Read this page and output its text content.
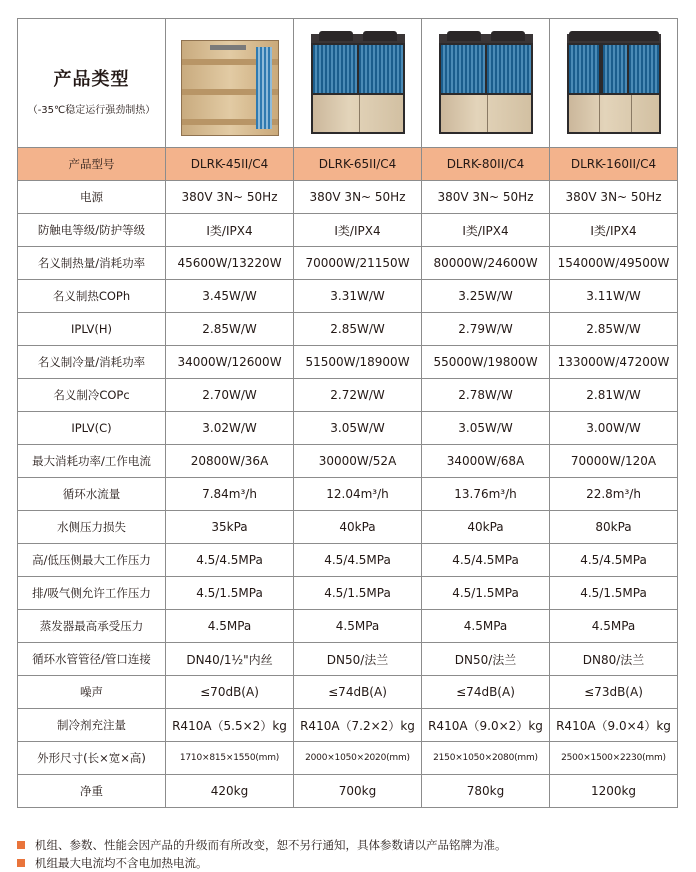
产品类型
（-35℃稳定运行强劲制热）				

产品型号	DLRK-45II/C4	DLRK-65II/C4	DLRK-80II/C4	DLRK-160II/C4
电源	380V 3N~ 50Hz	380V 3N~ 50Hz	380V 3N~ 50Hz	380V 3N~ 50Hz
防触电等级/防护等级	I类/IPX4	I类/IPX4	I类/IPX4	I类/IPX4
名义制热量/消耗功率	45600W/13220W	70000W/21150W	80000W/24600W	154000W/49500W
名义制热COPh	3.45W/W	3.31W/W	3.25W/W	3.11W/W
IPLV(H)	2.85W/W	2.85W/W	2.79W/W	2.85W/W
名义制冷量/消耗功率	34000W/12600W	51500W/18900W	55000W/19800W	133000W/47200W
名义制冷COPc	2.70W/W	2.72W/W	2.78W/W	2.81W/W
IPLV(C)	3.02W/W	3.05W/W	3.05W/W	3.00W/W
最大消耗功率/工作电流	20800W/36A	30000W/52A	34000W/68A	70000W/120A
循环水流量	7.84m³/h	12.04m³/h	13.76m³/h	22.8m³/h
水侧压力损失	35kPa	40kPa	40kPa	80kPa
高/低压侧最大工作压力	4.5/4.5MPa	4.5/4.5MPa	4.5/4.5MPa	4.5/4.5MPa
排/吸气侧允许工作压力	4.5/1.5MPa	4.5/1.5MPa	4.5/1.5MPa	4.5/1.5MPa
蒸发器最高承受压力	4.5MPa	4.5MPa	4.5MPa	4.5MPa
循环水管管径/管口连接	DN40/1½"内丝	DN50/法兰	DN50/法兰	DN80/法兰
噪声	≤70dB(A)	≤74dB(A)	≤74dB(A)	≤73dB(A)
制冷剂充注量	R410A（5.5×2）kg	R410A（7.2×2）kg	R410A（9.0×2）kg	R410A（9.0×4）kg
外形尺寸(长×宽×高)	1710×815×1550(mm)	2000×1050×2020(mm)	2150×1050×2080(mm)	2500×1500×2230(mm)
净重	420kg	700kg	780kg	1200kg
机组、参数、性能会因产品的升级而有所改变，恕不另行通知，具体参数请以产品铭牌为准。
机组最大电流均不含电加热电流。
